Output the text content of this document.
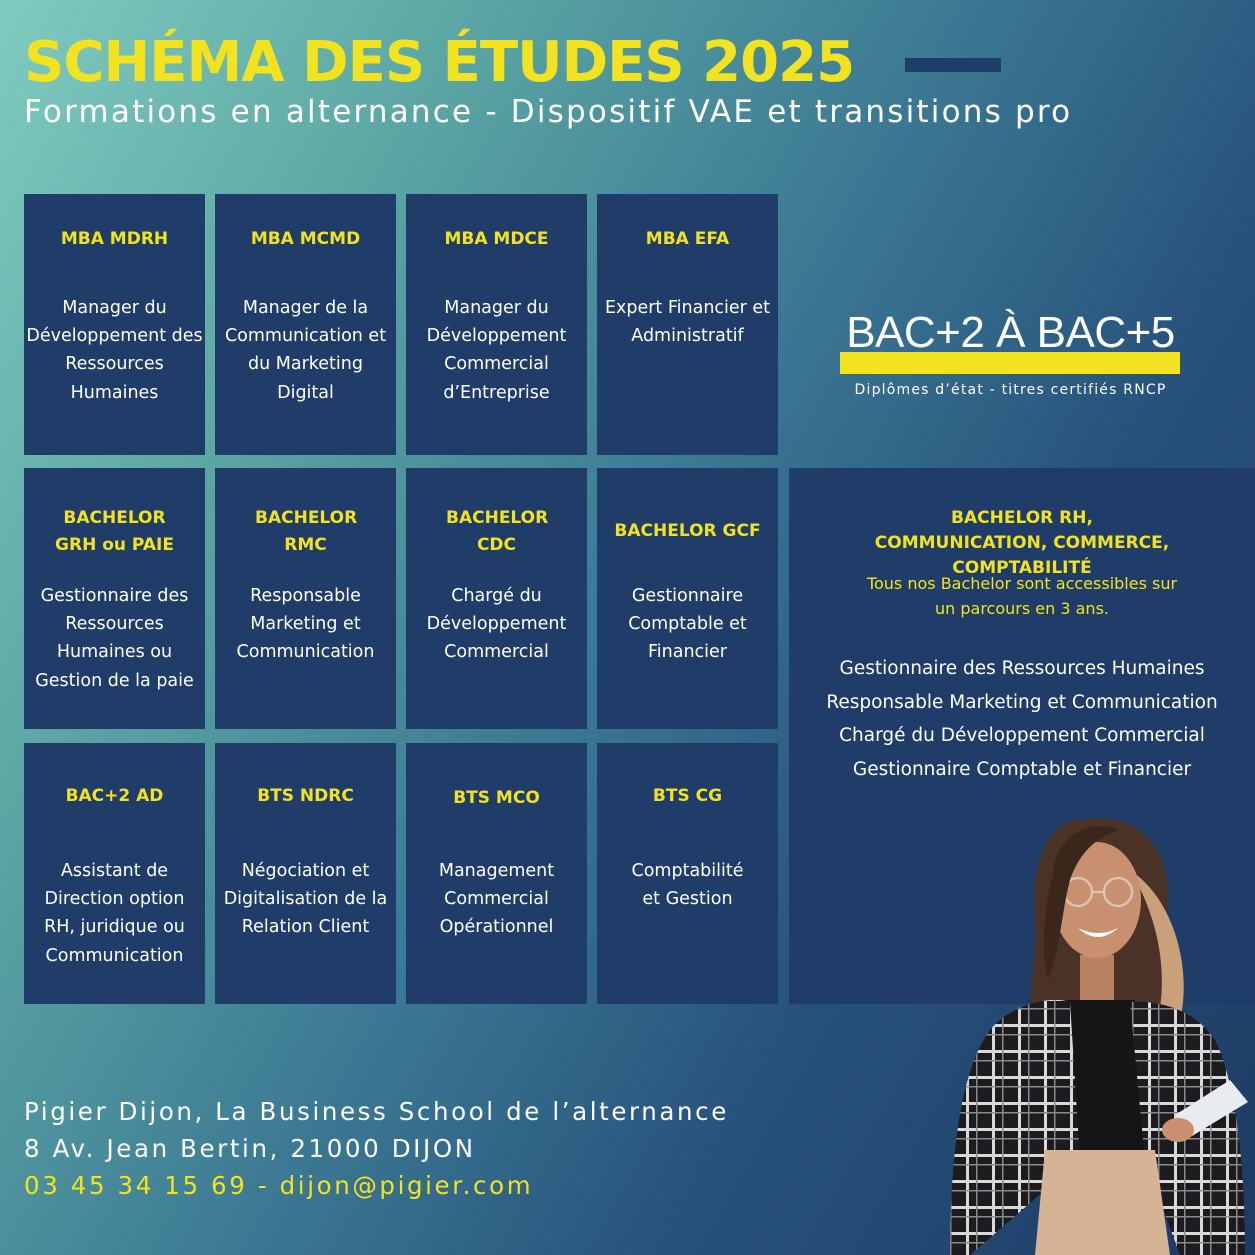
SCHÉMA DES ÉTUDES 2025
Formations en alternance - Dispositif VAE et transitions pro
MBA MDRH
Manager du Développement des Ressources Humaines
MBA MCMD
Manager de la Communication et du Marketing Digital
MBA MDCE
Manager du Développement Commercial d’Entreprise
MBA EFA
Expert Financier et Administratif
BACHELOR GRH ou PAIE
Gestionnaire des Ressources Humaines ou Gestion de la paie
BACHELOR RMC
Responsable Marketing et Communication
BACHELOR CDC
Chargé du Développement Commercial
BACHELOR GCF
Gestionnaire Comptable et Financier
BAC+2 AD
Assistant de Direction option RH, juridique ou Communication
BTS NDRC
Négociation et Digitalisation de la Relation Client
BTS MCO
Management Commercial Opérationnel
BTS CG
Comptabilité et Gestion
BAC+2 À BAC+5
Diplômes d’état - titres certifiés RNCP
BACHELOR RH, COMMUNICATION, COMMERCE, COMPTABILITÉ
Tous nos Bachelor sont accessibles sur un parcours en 3 ans.
Gestionnaire des Ressources Humaines
Responsable Marketing et Communication
Chargé du Développement Commercial
Gestionnaire Comptable et Financier
Pigier Dijon, La Business School de l’alternance
8 Av. Jean Bertin, 21000 DIJON
03 45 34 15 69 - dijon@pigier.com
